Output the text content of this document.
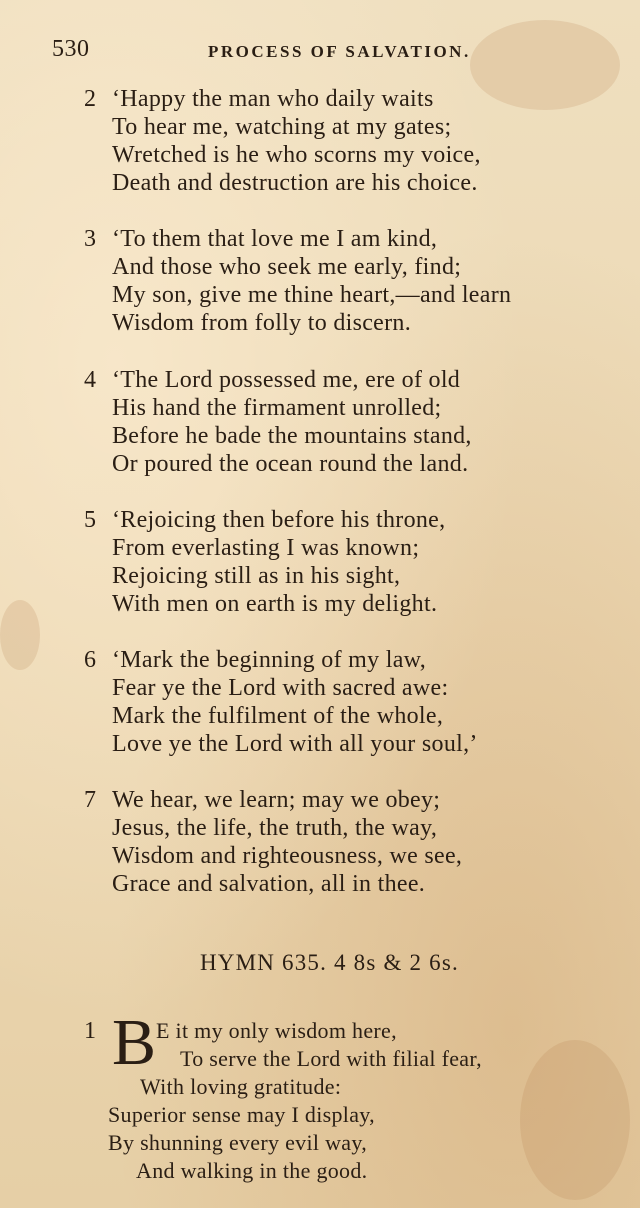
530	PROCESS OF SALVATION.
2 ‘Happy the man who daily waits
To hear me, watching at my gates;
Wretched is he who scorns my voice,
Death and destruction are his choice.
3 ‘To them that love me I am kind,
And those who seek me early, find;
My son, give me thine heart,—and learn
Wisdom from folly to discern.
4 ‘The Lord possessed me, ere of old
His hand the firmament unrolled;
Before he bade the mountains stand,
Or poured the ocean round the land.
5 ‘Rejoicing then before his throne,
From everlasting I was known;
Rejoicing still as in his sight,
With men on earth is my delight.
6 ‘Mark the beginning of my law,
Fear ye the Lord with sacred awe:
Mark the fulfilment of the whole,
Love ye the Lord with all your soul,’
7 We hear, we learn; may we obey;
Jesus, the life, the truth, the way,
Wisdom and righteousness, we see,
Grace and salvation, all in thee.
HYMN 635. 4 8s & 2 6s.
1 B E it my only wisdom here,
To serve the Lord with filial fear,
With loving gratitude:
Superior sense may I display,
By shunning every evil way,
And walking in the good.
